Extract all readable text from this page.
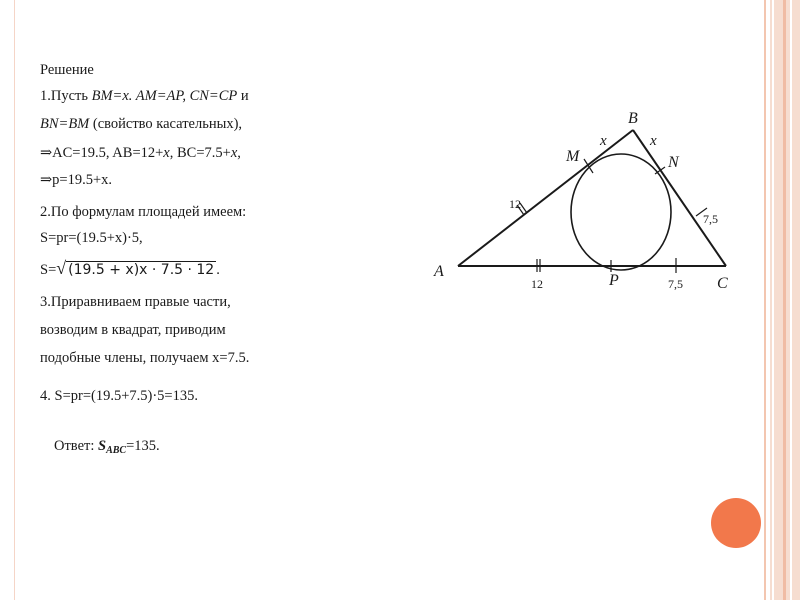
Решение
1.Пусть BM=x. AM=AP, CN=CP и
BN=BM (свойство касательных),
⇒AC=19.5, AB=12+x, BC=7.5+x,
⇒p=19.5+x.
2.По формулам площадей имеем:
S=pr=(19.5+x)·5,
S=√ (19.5 + x)x · 7.5 · 12 .
3.Приравниваем правые части,
возводим в квадрат, приводим
подобные члены, получаем х=7.5.
4. S=pr=(19.5+7.5)·5=135.
Ответ: $S_{ABC}=135$.
A
B
C
M	N
P
x	x
12
12
7,5
7,5
